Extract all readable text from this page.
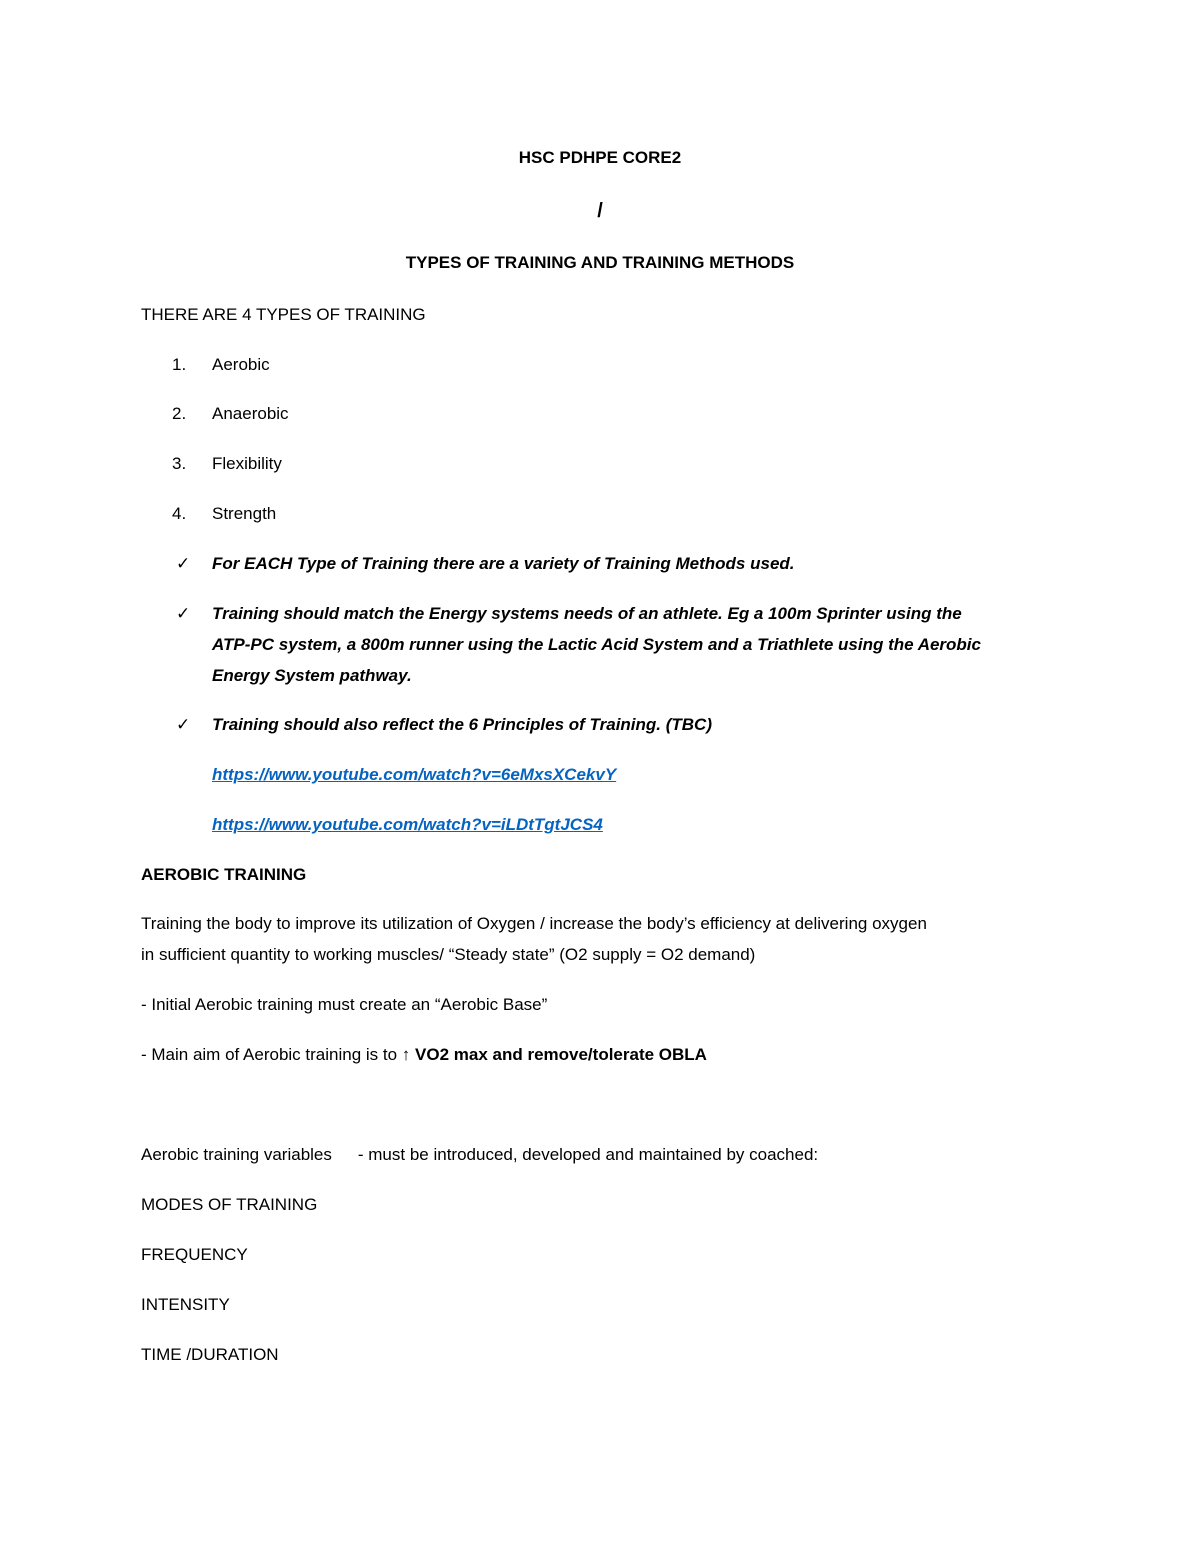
HSC PDHPE CORE2
/
TYPES OF TRAINING AND TRAINING METHODS
THERE ARE 4 TYPES OF TRAINING
1.	Aerobic
2.	Anaerobic
3.	Flexibility
4.	Strength
✓ For EACH Type of Training there are a variety of Training Methods used.
✓ Training should match the Energy systems needs of an athlete. Eg a 100m Sprinter using the
ATP-PC system, a 800m runner using the Lactic Acid System and a Triathlete using the Aerobic
Energy System pathway.
✓ Training should also reflect the 6 Principles of Training. (TBC)
https://www.youtube.com/watch?v=6eMxsXCekvY
https://www.youtube.com/watch?v=iLDtTgtJCS4
AEROBIC TRAINING
Training the body to improve its utilization of Oxygen / increase the body’s efficiency at delivering oxygen
in sufficient quantity to working muscles/ “Steady state” (O2 supply = O2 demand)
- Initial Aerobic training must create an “Aerobic Base”
- Main aim of Aerobic training is to ↑ VO2 max and remove/tolerate OBLA
Aerobic training variables - must be introduced, developed and maintained by coached:
MODES OF TRAINING
FREQUENCY
INTENSITY
TIME /DURATION
